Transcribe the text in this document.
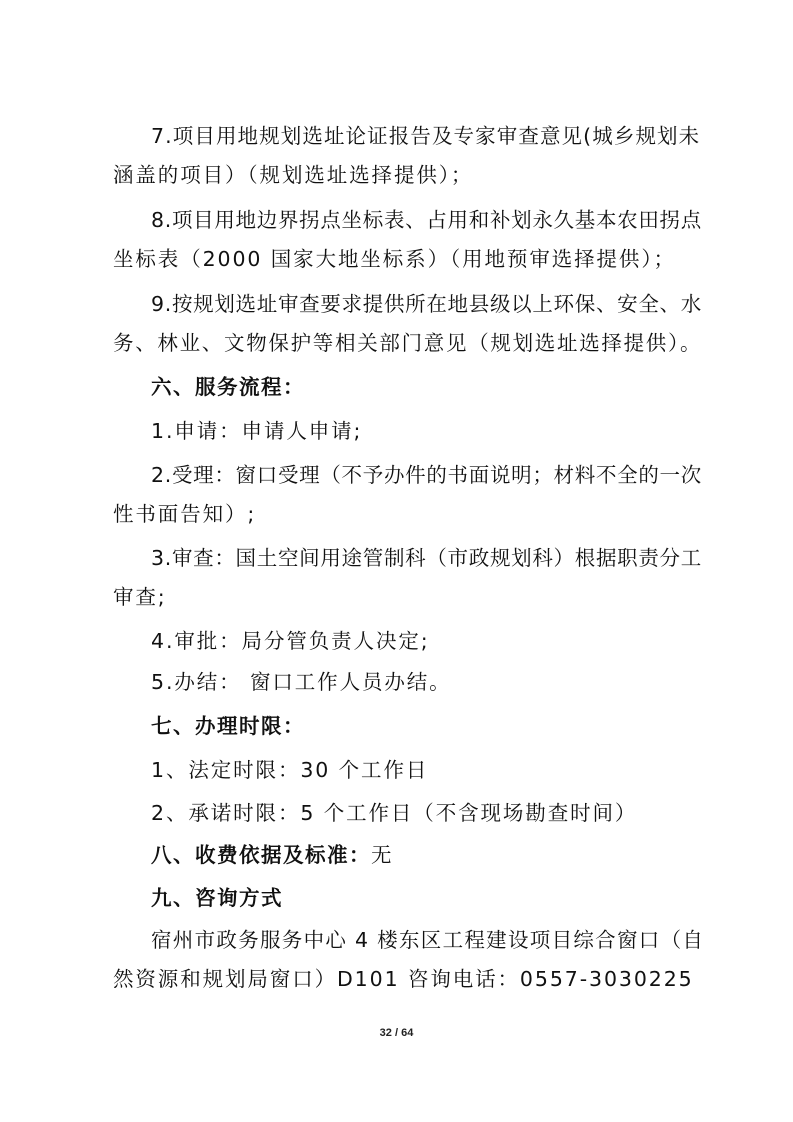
7.项目用地规划选址论证报告及专家审查意见(城乡规划未
涵盖的项目）（规划选址选择提供）；
8.项目用地边界拐点坐标表、占用和补划永久基本农田拐点
坐标表（2000 国家大地坐标系）（用地预审选择提供）；
9.按规划选址审查要求提供所在地县级以上环保、安全、水
务、林业、文物保护等相关部门意见（规划选址选择提供）。
六、服务流程：
1.申请：申请人申请;
2.受理：窗口受理（不予办件的书面说明；材料不全的一次
性书面告知）;
3.审查：国土空间用途管制科（市政规划科）根据职责分工
审查;
4.审批：局分管负责人决定;
5.办结： 窗口工作人员办结。
七、办理时限：
1、法定时限：30 个工作日
2、承诺时限：5 个工作日（不含现场勘查时间）
八、收费依据及标准：无
九、咨询方式
宿州市政务服务中心 4 楼东区工程建设项目综合窗口（自
然资源和规划局窗口）D101 咨询电话：0557-3030225
32 / 64
